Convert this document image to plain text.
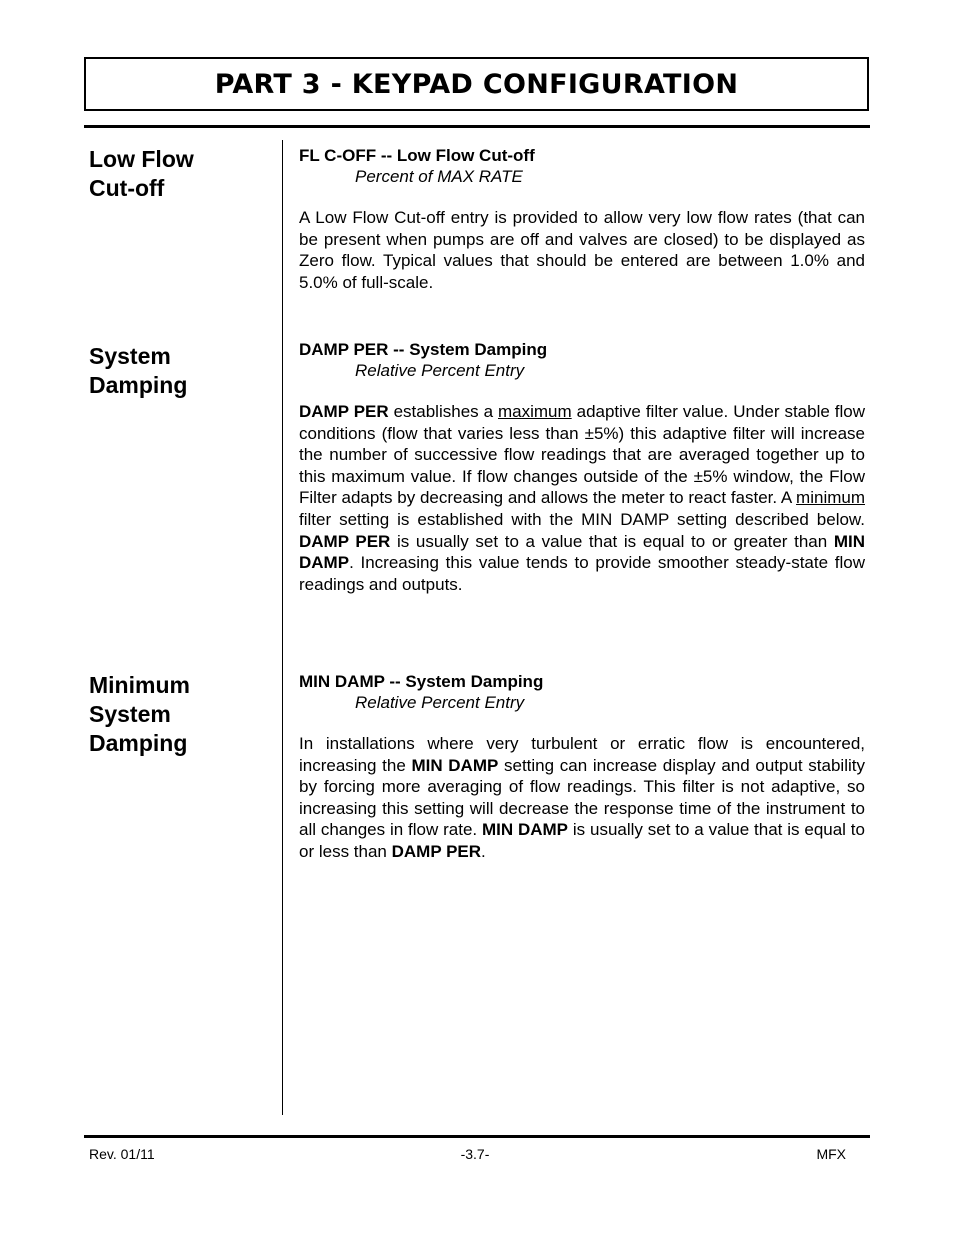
PART 3 - KEYPAD CONFIGURATION
Low Flow
Cut-off
FL C-OFF -- Low Flow Cut-off
Percent of MAX RATE
A Low Flow Cut-off entry is provided to allow very low flow rates (that can be present when pumps are off and valves are closed) to be displayed as Zero flow. Typical values that should be entered are between 1.0% and 5.0% of full-scale.
System
Damping
DAMP PER -- System Damping
Relative Percent Entry
DAMP PER establishes a maximum adaptive filter value. Under stable flow conditions (flow that varies less than ±5%) this adaptive filter will increase the number of successive flow readings that are averaged together up to this maximum value. If flow changes outside of the ±5% window, the Flow Filter adapts by decreasing and allows the meter to react faster. A minimum filter setting is established with the MIN DAMP setting described below. DAMP PER is usually set to a value that is equal to or greater than MIN DAMP. Increasing this value tends to provide smoother steady-state flow readings and outputs.
Minimum
System
Damping
MIN DAMP -- System Damping
Relative Percent Entry
In installations where very turbulent or erratic flow is encountered, increasing the MIN DAMP setting can increase display and output stability by forcing more averaging of flow readings. This filter is not adaptive, so increasing this setting will decrease the response time of the instrument to all changes in flow rate. MIN DAMP is usually set to a value that is equal to or less than DAMP PER.
Rev. 01/11	-3.7-	MFX
